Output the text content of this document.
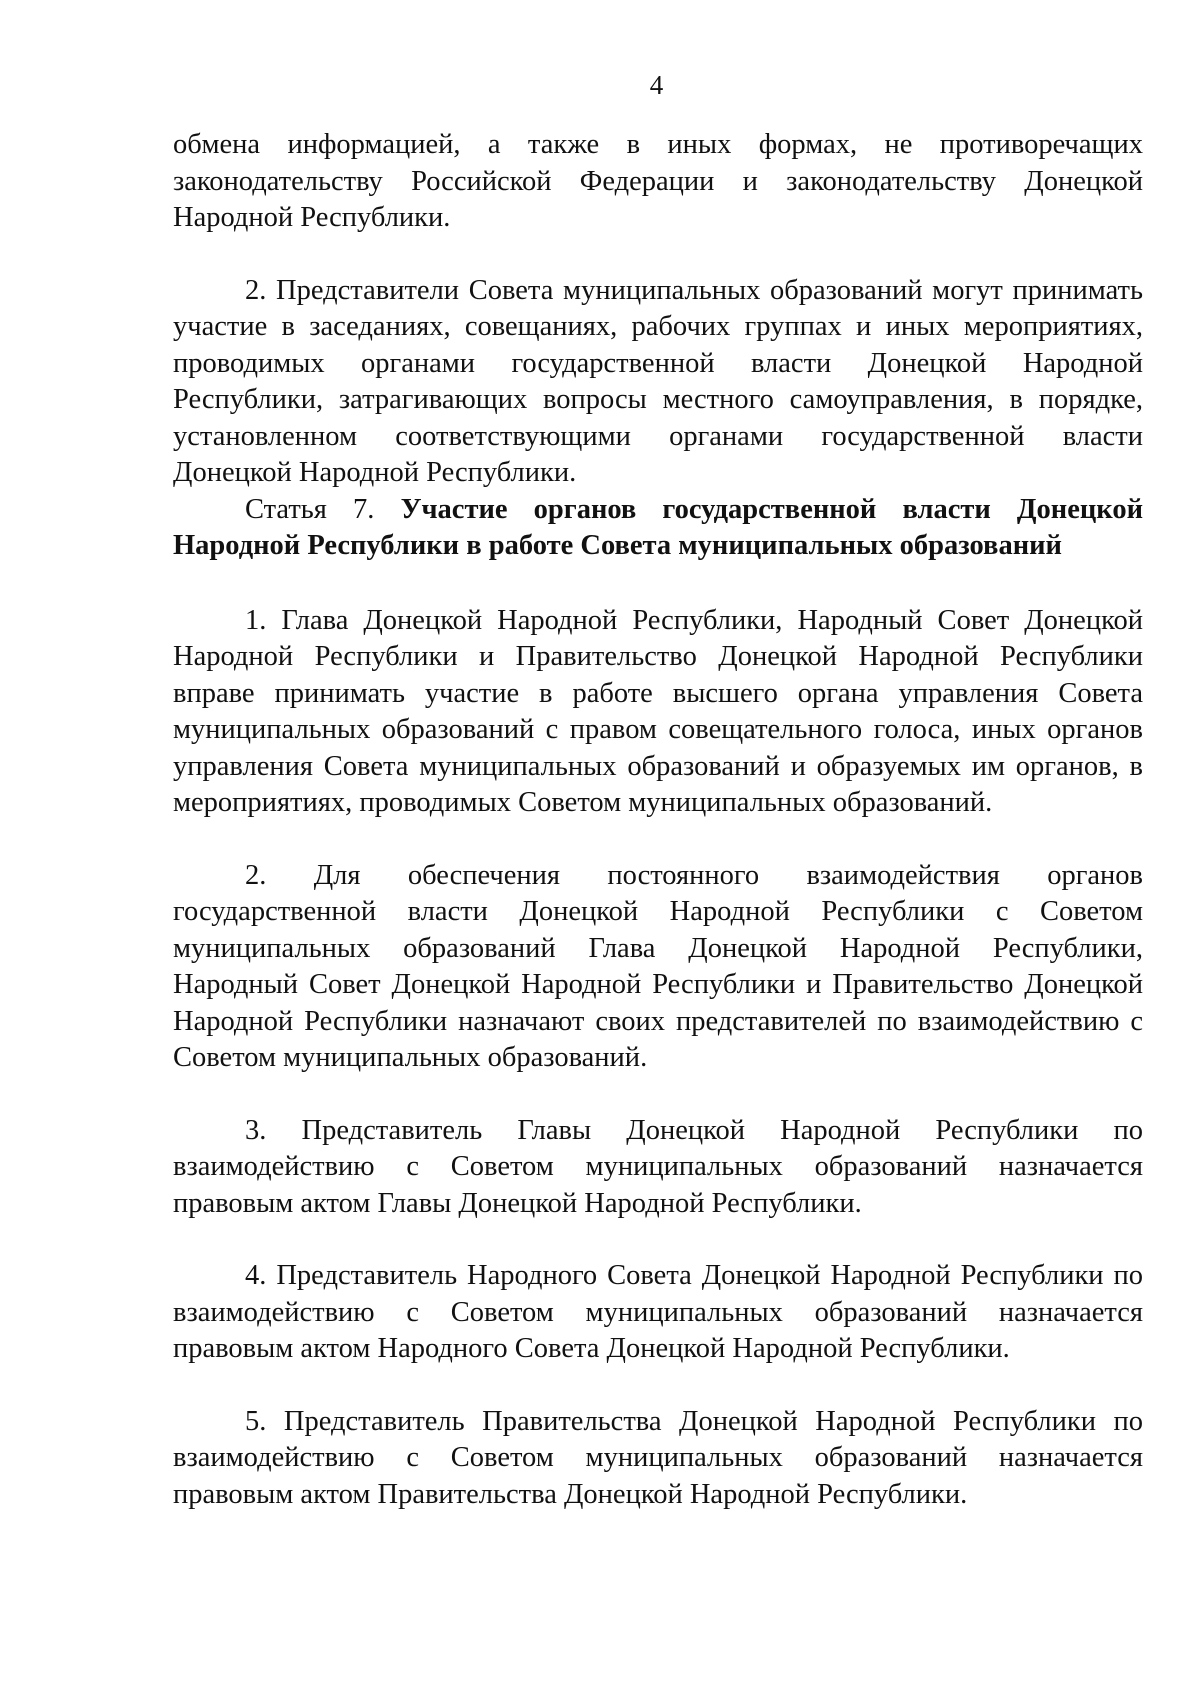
4

обмена информацией, а также в иных формах, не противоречащих законодательству Российской Федерации и законодательству Донецкой Народной Республики.

2. Представители Совета муниципальных образований могут принимать участие в заседаниях, совещаниях, рабочих группах и иных мероприятиях, проводимых органами государственной власти Донецкой Народной Республики, затрагивающих вопросы местного самоуправления, в порядке, установленном соответствующими органами государственной власти Донецкой Народной Республики.

Статья 7. Участие органов государственной власти Донецкой Народной Республики в работе Совета муниципальных образований

1. Глава Донецкой Народной Республики, Народный Совет Донецкой Народной Республики и Правительство Донецкой Народной Республики вправе принимать участие в работе высшего органа управления Совета муниципальных образований с правом совещательного голоса, иных органов управления Совета муниципальных образований и образуемых им органов, в мероприятиях, проводимых Советом муниципальных образований.

2. Для обеспечения постоянного взаимодействия органов государственной власти Донецкой Народной Республики с Советом муниципальных образований Глава Донецкой Народной Республики, Народный Совет Донецкой Народной Республики и Правительство Донецкой Народной Республики назначают своих представителей по взаимодействию с Советом муниципальных образований.

3. Представитель Главы Донецкой Народной Республики по взаимодействию с Советом муниципальных образований назначается правовым актом Главы Донецкой Народной Республики.

4. Представитель Народного Совета Донецкой Народной Республики по взаимодействию с Советом муниципальных образований назначается правовым актом Народного Совета Донецкой Народной Республики.

5. Представитель Правительства Донецкой Народной Республики по взаимодействию с Советом муниципальных образований назначается правовым актом Правительства Донецкой Народной Республики.
